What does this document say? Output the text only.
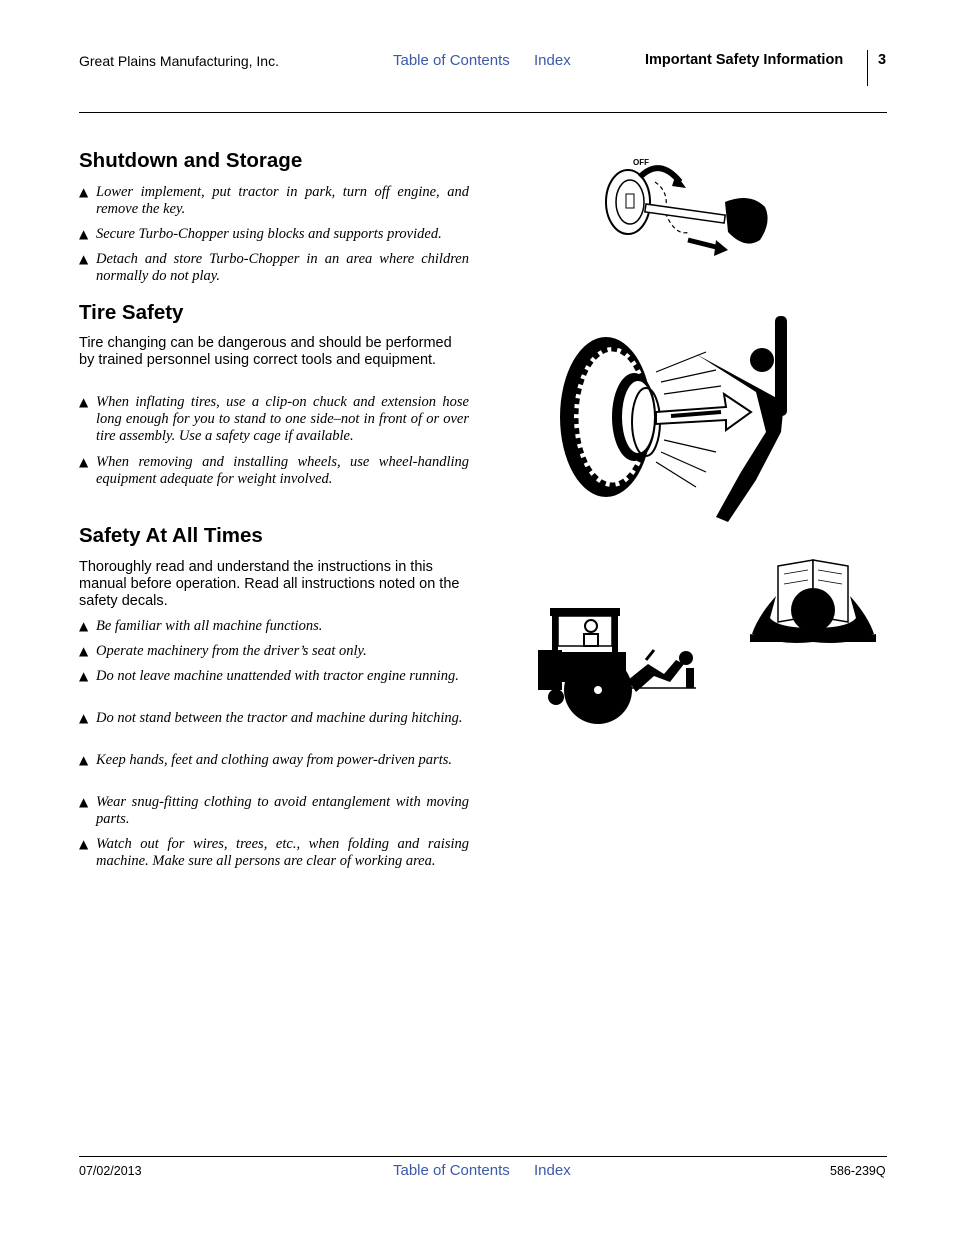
Great Plains Manufacturing, Inc.	Table of Contents Index	Important Safety Information 3
Shutdown and Storage
▲ Lower implement, put tractor in park, turn off engine, and remove the key.
▲ Secure Turbo-Chopper using blocks and supports provided.
▲ Detach and store Turbo-Chopper in an area where children normally do not play.
Tire Safety

Tire changing can be dangerous and should be performed by trained personnel using correct tools and equipment.

▲ When inflating tires, use a clip-on chuck and extension hose long enough for you to stand to one side–not in front of or over tire assembly. Use a safety cage if available.
▲ When removing and installing wheels, use wheel-handling equipment adequate for weight involved.
Safety At All Times

Thoroughly read and understand the instructions in this manual before operation. Read all instructions noted on the safety decals.

▲ Be familiar with all machine functions.
▲ Operate machinery from the driver’s seat only.
▲ Do not leave machine unattended with tractor engine running.
▲ Do not stand between the tractor and machine during hitching.
▲ Keep hands, feet and clothing away from power-driven parts.
▲ Wear snug-fitting clothing to avoid entanglement with moving parts.
▲ Watch out for wires, trees, etc., when folding and raising machine. Make sure all persons are clear of working area.
OFF
07/02/2013	Table of Contents Index	586-239Q
